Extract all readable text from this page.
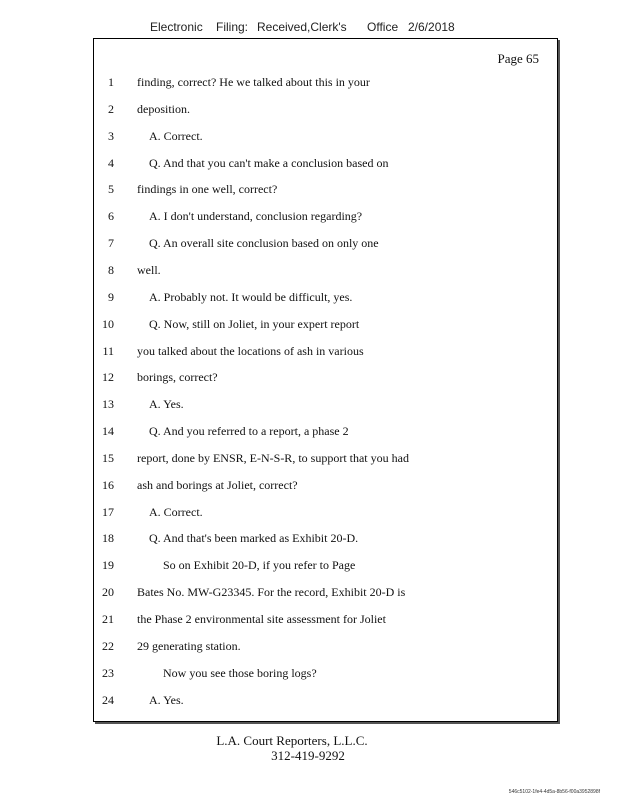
Electronic Filing: Received,Clerk's Office 2/6/2018
Page 65
1 finding, correct? He we talked about this in your
2 deposition.
3	A. Correct.
4	Q. And that you can't make a conclusion based on
5 findings in one well, correct?
6	A. I don't understand, conclusion regarding?
7	Q. An overall site conclusion based on only one
8 well.
9	A. Probably not. It would be difficult, yes.
10	Q. Now, still on Joliet, in your expert report
11 you talked about the locations of ash in various
12 borings, correct?
13	A. Yes.
14	Q. And you referred to a report, a phase 2
15 report, done by ENSR, E-N-S-R, to support that you had
16 ash and borings at Joliet, correct?
17	A. Correct.
18	Q. And that's been marked as Exhibit 20-D.
19	So on Exhibit 20-D, if you refer to Page
20 Bates No. MW-G23345. For the record, Exhibit 20-D is
21 the Phase 2 environmental site assessment for Joliet
22 29 generating station.
23	Now you see those boring logs?
24	A. Yes.
L.A. Court Reporters, L.L.C.
312-419-9292
546c5102-1fe4-4d5a-8b56-f00a3952898f
